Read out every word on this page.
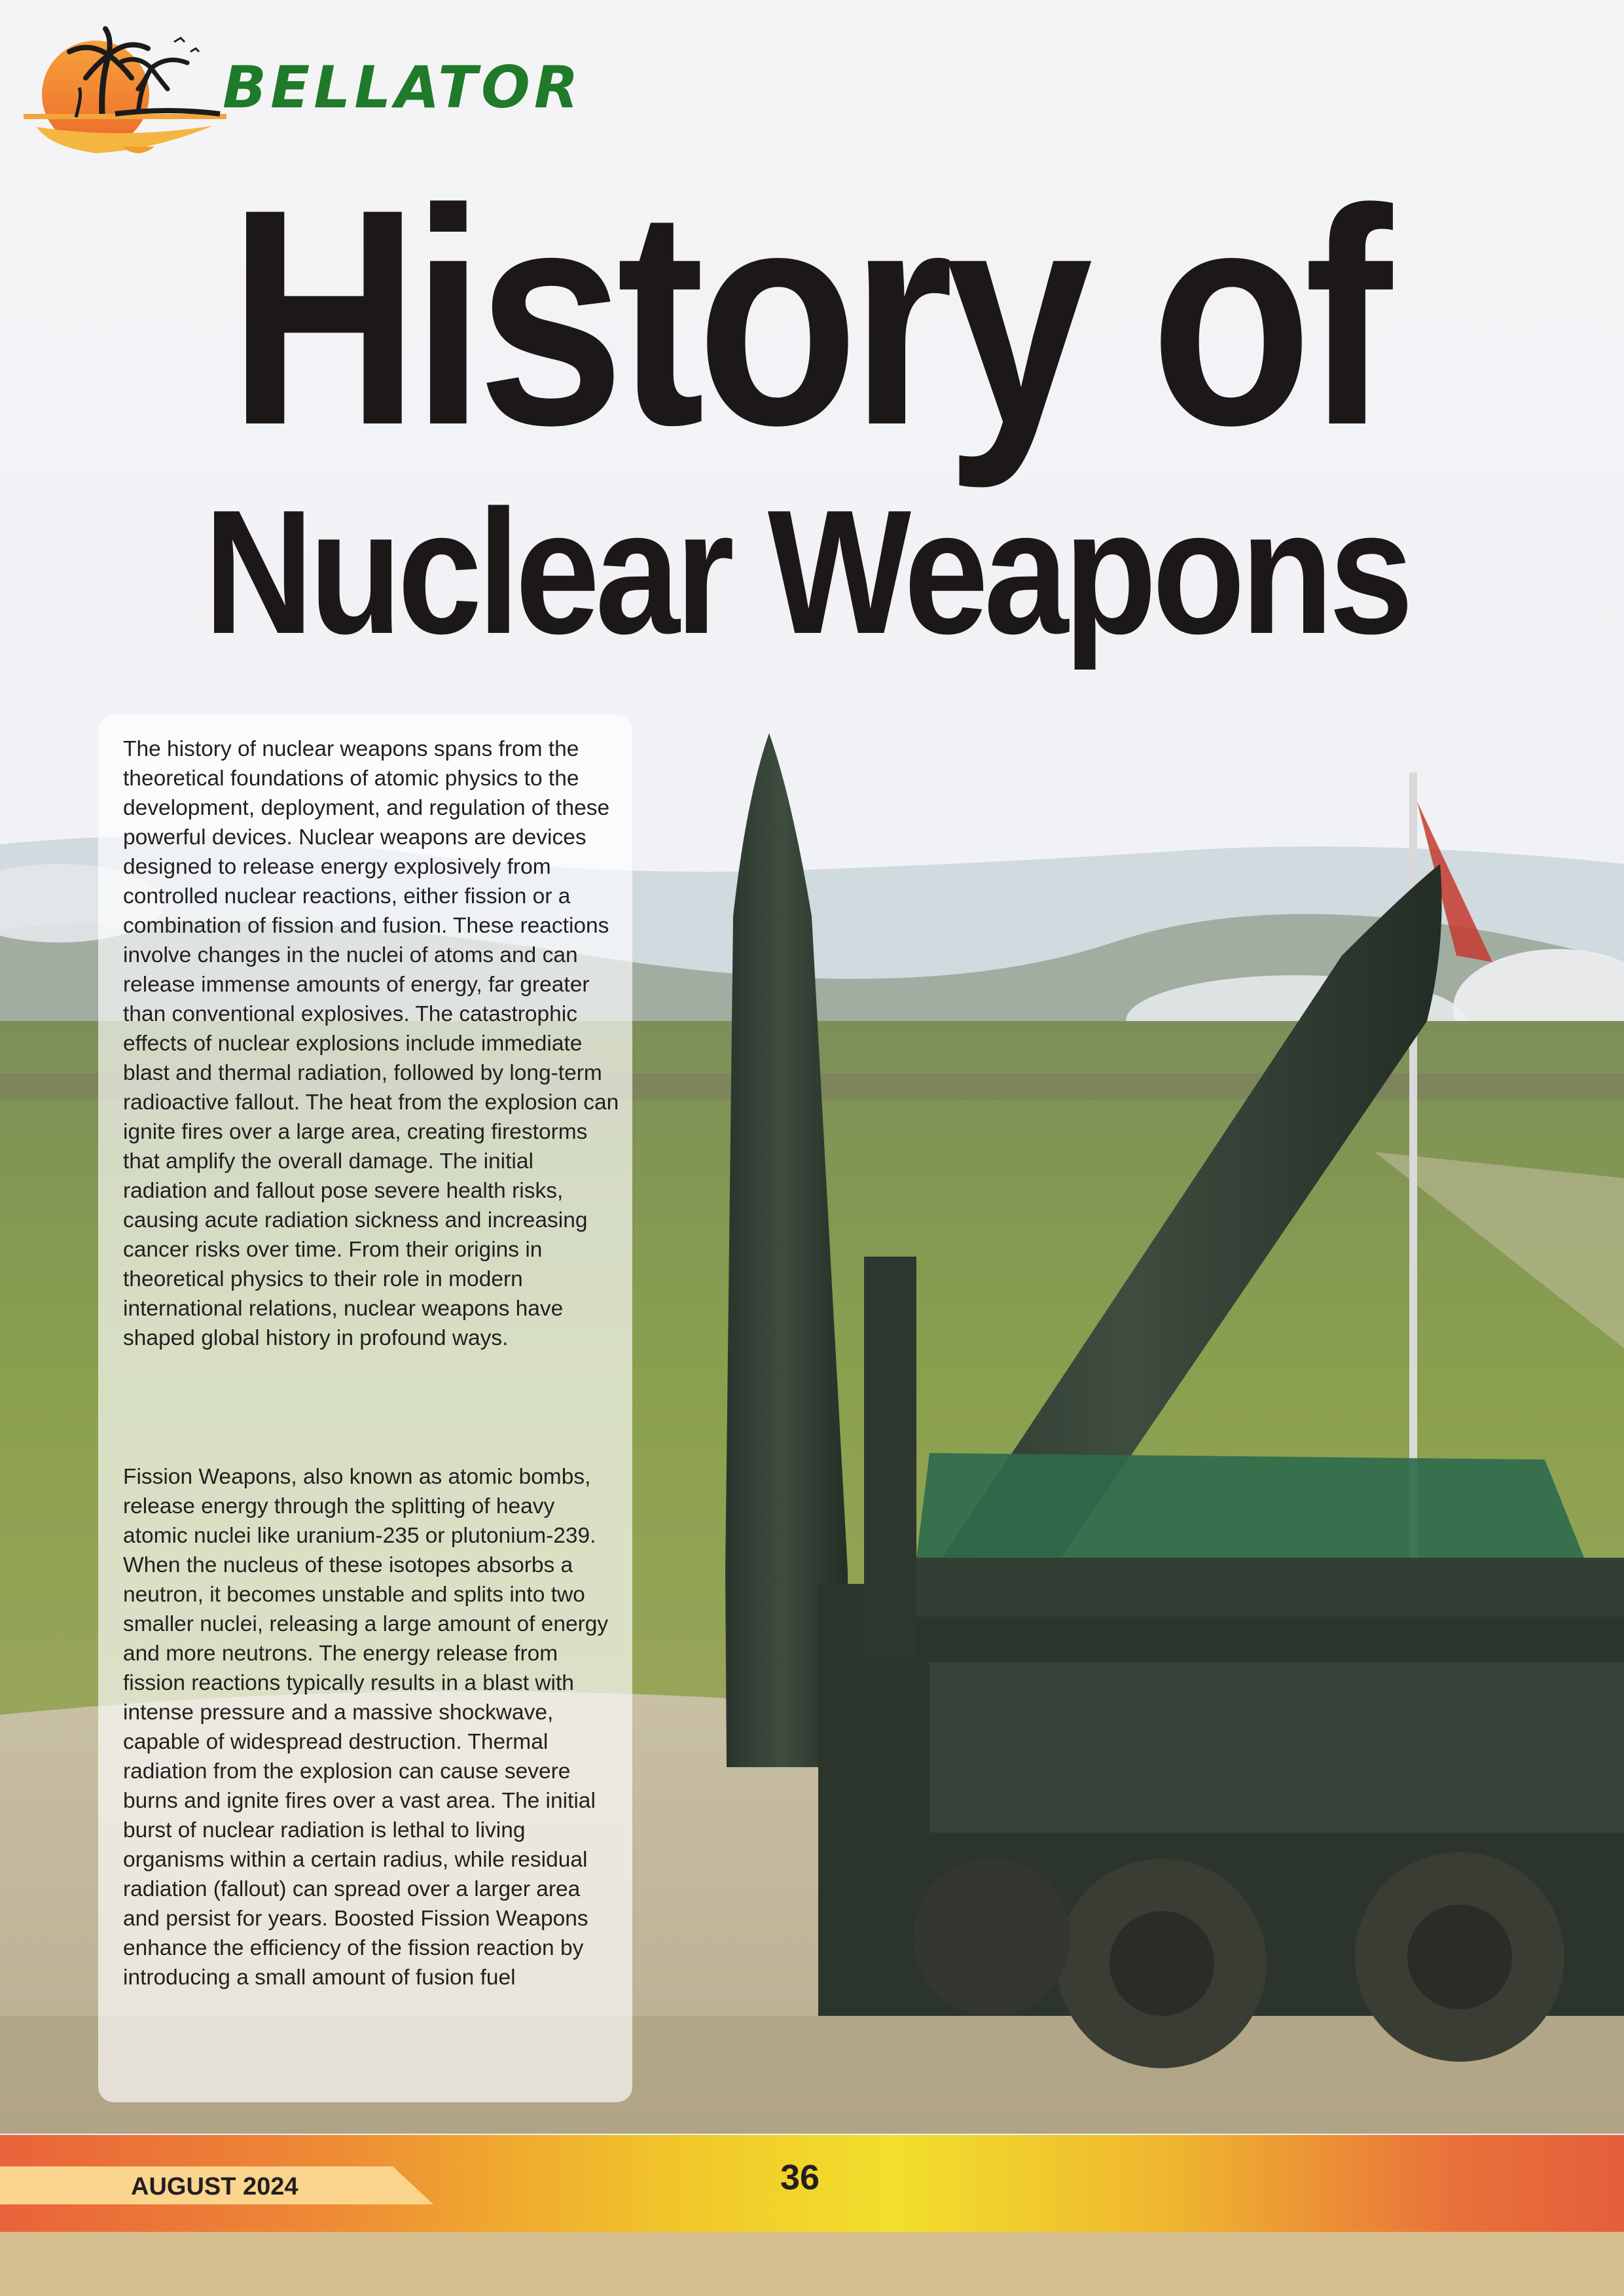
BELLATOR
History of
Nuclear Weapons

The history of nuclear weapons spans from the theoretical foundations of atomic physics to the development, deployment, and regulation of these powerful devices. Nuclear weapons are devices designed to release energy explosively from controlled nuclear reactions, either fission or a combination of fission and fusion. These reactions involve changes in the nuclei of atoms and can release immense amounts of energy, far greater than conventional explosives. The catastrophic effects of nuclear explosions include immediate blast and thermal radiation, followed by long-term radioactive fallout. The heat from the explosion can ignite fires over a large area, creating firestorms that amplify the overall damage. The initial radiation and fallout pose severe health risks, causing acute radiation sickness and increasing cancer risks over time. From their origins in theoretical physics to their role in modern international relations, nuclear weapons have shaped global history in profound ways.

Fission Weapons, also known as atomic bombs, release energy through the splitting of heavy atomic nuclei like uranium-235 or plutonium-239. When the nucleus of these isotopes absorbs a neutron, it becomes unstable and splits into two smaller nuclei, releasing a large amount of energy and more neutrons. The energy release from fission reactions typically results in a blast with intense pressure and a massive shockwave, capable of widespread destruction. Thermal radiation from the explosion can cause severe burns and ignite fires over a vast area. The initial burst of nuclear radiation is lethal to living organisms within a certain radius, while residual radiation (fallout) can spread over a larger area and persist for years. Boosted Fission Weapons enhance the efficiency of the fission reaction by introducing a small amount of fusion fuel

AUGUST 2024	36
